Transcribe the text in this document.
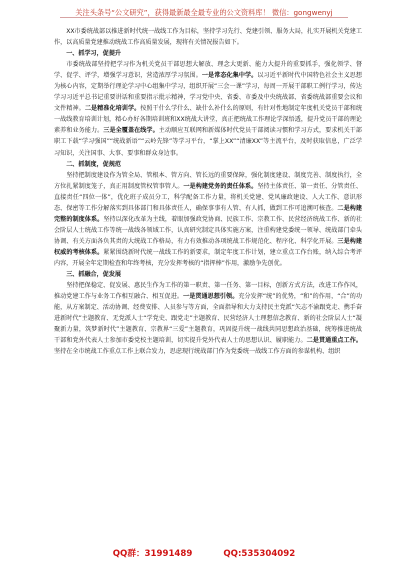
关注头条号“公文研究”，获得最新最全最专业的公文资料库！ 微信：gongwenyj

XX市委统战部以推进新时代统一战线工作为目标，坚持学习先行、党建引领、服务大局，扎实开展机关党建工作，以高质量党建推动统战工作高质量发展，现将有关情况报告如下。

一、抓学习，促提升

市委统战部坚持把学习作为机关党员干部思想大解放、理念大更新、能力大提升的重要抓手，强化领学、督学、促学、评学，增强学习意识，营造浓厚学习氛围。一是常态化集中学。以习近平新时代中国特色社会主义思想为核心内容，定期举行理论学习中心组集中学习，组织开展“三会一课”学习，每周一开展干部职工例行学习，传达学习习近平总书记重要讲话和重要指示批示精神，学习党中央、省委、市委及中央统战部、省委统战部重要会议和文件精神。二是精准化培训学。按照干什么学什么、缺什么补什么的原则，有针对性地制定年度机关党员干部和统一战线教育培训计划，精心办好各期培训班和XX统战大讲堂，真正把统战工作理论学深悟透，提升党员干部的理论素养和业务能力。三是全覆盖在线学。主动顺应互联网和新媒体时代党员干部阅读习惯和学习方式，要求机关干部职工下载“学习强国”“统战新语”“云岭先锋”等学习平台，“掌上XX”“清廉XX”等主流平台，及时获取信息，广泛学习知识，关注国事、大事、要事和群众身边事。

二、抓制度，促规范

坚持把制度建设作为管全局、管根本、管方向、管长远的重要保障，强化制度建设、制度完善、制度执行，全方位扎紧制度笼子，真正用制度管权管事管人。一是构建党务的责任体系。坚持主体责任、第一责任、分管责任、直接责任“四位一体”，优化班子成员分工，科学配备工作力量，将机关党建、党风廉政建设、人大工作、意识形态、保密等工作分解落实到具体部门和具体责任人，确保事事有人管、有人抓，做到工作可追溯可核查。二是构建完整的制度体系。坚持以深化改革为主线，着眼加强政党协商、民族工作、宗教工作、民营经济统战工作、新的社会阶层人士统战工作等统一战线各领域工作，认真研究制定具体实施方案，注重构建党委统一领导、统战部门牵头协调、有关方面各负其责的大统战工作格局，有力有效推动各项统战工作规范化、程序化、科学化开展。三是构建权威的考核体系。紧紧围绕新时代统一战线工作的新要求，制定年度工作计划，建立重点工作台账，纳入综合考评内容，开展全年定期检查和年终考核，充分发挥考核的“指挥棒”作用，激励争先创优。

三、抓融合，促发展

坚持把保稳定、促发展、惠民生作为工作的第一职责、第一任务、第一目标，创新方式方法，改进工作作风，推动党建工作与业务工作相互融合、相互促进。一是贯通思想引领。充分发挥“统”的优势，“和”的作用，“合”的功能，从方案制定、活动协调、经费安排、人员参与等方面，全面指导和大力支持民主党派“矢志不渝跟党走、携手奋进新时代”主题教育、无党派人士“学党史、跟党走”主题教育、民营经济人士理想信念教育、新的社会阶层人士“凝聚新力量，筑梦新时代”主题教育、宗教界“三爱”主题教育，巩固提升统一战线共同思想政治基础，统筹推进统战干部和党外代表人士参加市委党校主题培训，切实提升党外代表人士的思想认识、履职能力。二是贯通重点工作。坚持在全市统战工作重点工作上联合发力，思虑现行统战部门作为党委统一战线工作方面的参谋机构、组织

QQ群：31991489	QQ:535304092
